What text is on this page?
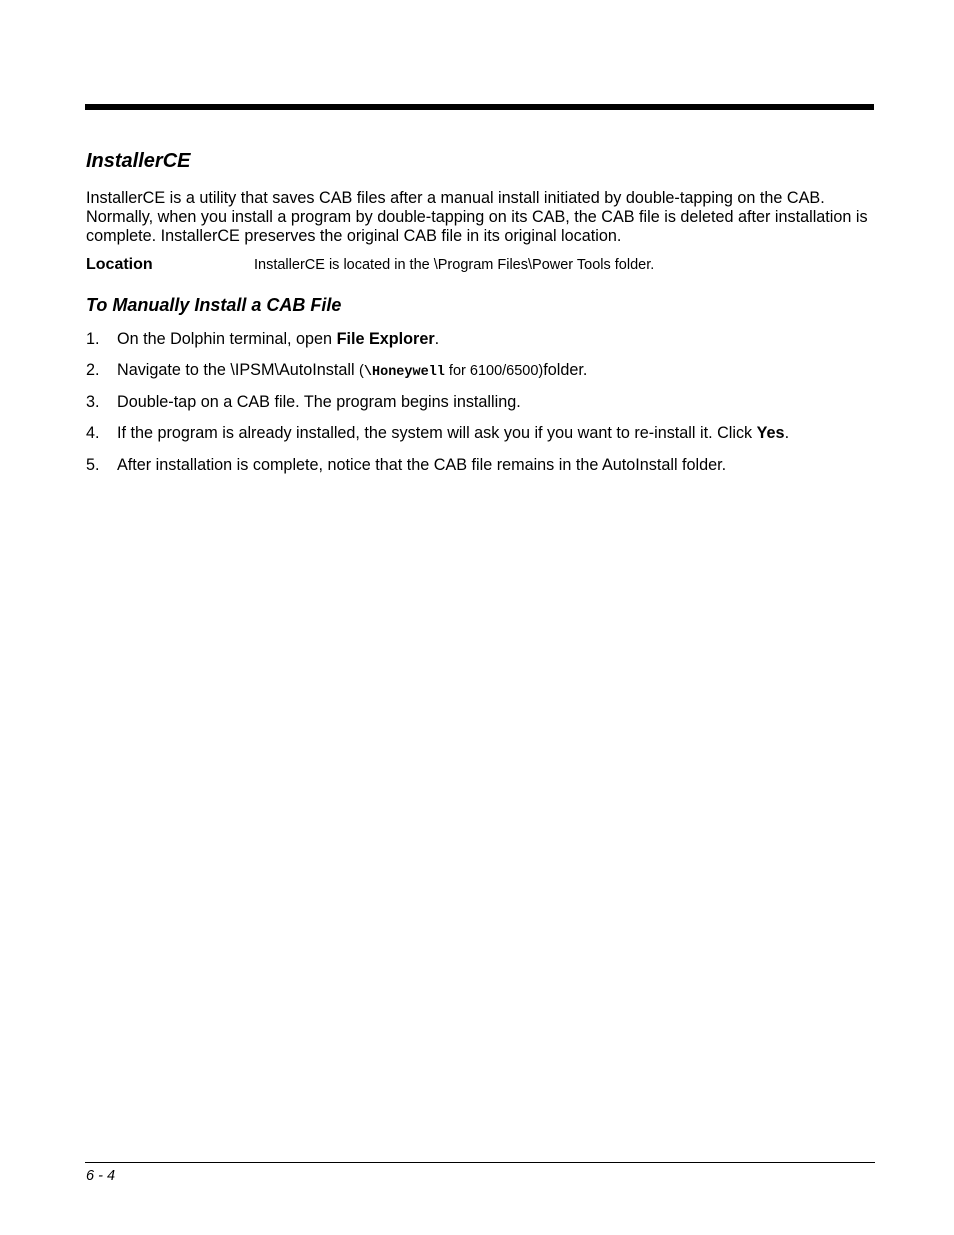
InstallerCE

InstallerCE is a utility that saves CAB files after a manual install initiated by double-tapping on the CAB. Normally, when you install a program by double-tapping on its CAB, the CAB file is deleted after installation is complete. InstallerCE preserves the original CAB file in its original location.

Location	InstallerCE is located in the \Program Files\Power Tools folder.
To Manually Install a CAB File
1. On the Dolphin terminal, open File Explorer.
2. Navigate to the \IPSM\AutoInstall (\Honeywell for 6100/6500)folder.
3. Double-tap on a CAB file. The program begins installing.
4. If the program is already installed, the system will ask you if you want to re-install it. Click Yes.
5. After installation is complete, notice that the CAB file remains in the AutoInstall folder.
6 - 4
